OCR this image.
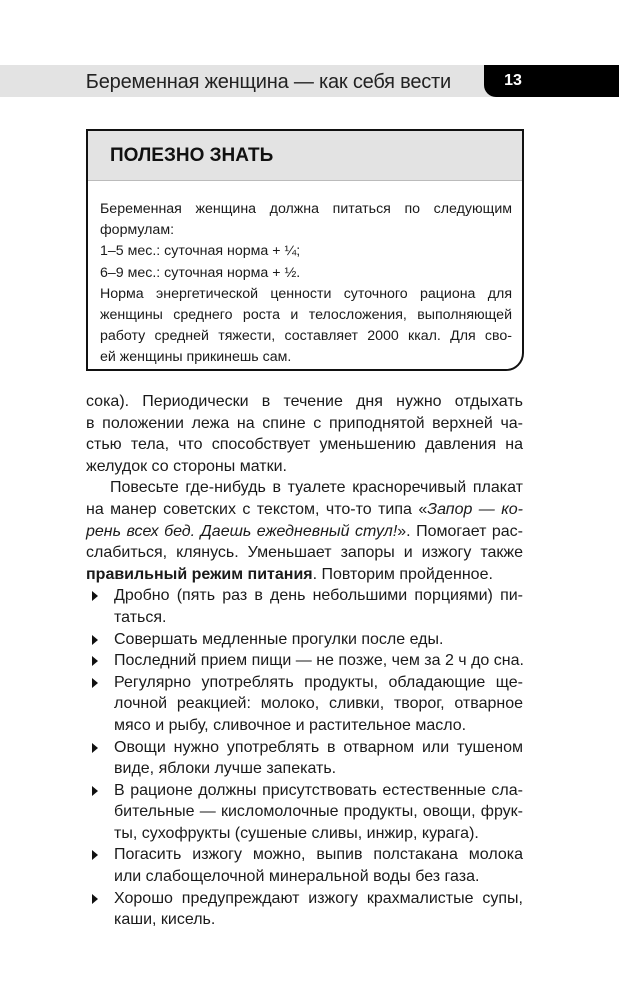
Беременная женщина — как себя вести	13
ПОЛЕЗНО ЗНАТЬ
Беременная женщина должна питаться по следующим
формулам:
1–5 мес.: суточная норма + ¼;
6–9 мес.: суточная норма + ½.
Норма энергетической ценности суточного рациона для
женщины среднего роста и телосложения, выполняющей
работу средней тяжести, составляет 2000 ккал. Для сво-
ей женщины прикинешь сам.
сока). Периодически в течение дня нужно отдыхать
в положении лежа на спине с приподнятой верхней ча-
стью тела, что способствует уменьшению давления на
желудок со стороны матки.
Повесьте где-нибудь в туалете красноречивый плакат
на манер советских с текстом, что-то типа «Запор — ко-
рень всех бед. Даешь ежедневный стул!». Помогает рас-
слабиться, клянусь. Уменьшает запоры и изжогу также
правильный режим питания. Повторим пройденное.
Дробно (пять раз в день небольшими порциями) пи-
таться.
Совершать медленные прогулки после еды.
Последний прием пищи — не позже, чем за 2 ч до сна.
Регулярно употреблять продукты, обладающие ще-
лочной реакцией: молоко, сливки, творог, отварное
мясо и рыбу, сливочное и растительное масло.
Овощи нужно употреблять в отварном или тушеном
виде, яблоки лучше запекать.
В рационе должны присутствовать естественные сла-
бительные — кисломолочные продукты, овощи, фрук-
ты, сухофрукты (сушеные сливы, инжир, курага).
Погасить изжогу можно, выпив полстакана молока
или слабощелочной минеральной воды без газа.
Хорошо предупреждают изжогу крахмалистые супы,
каши, кисель.
